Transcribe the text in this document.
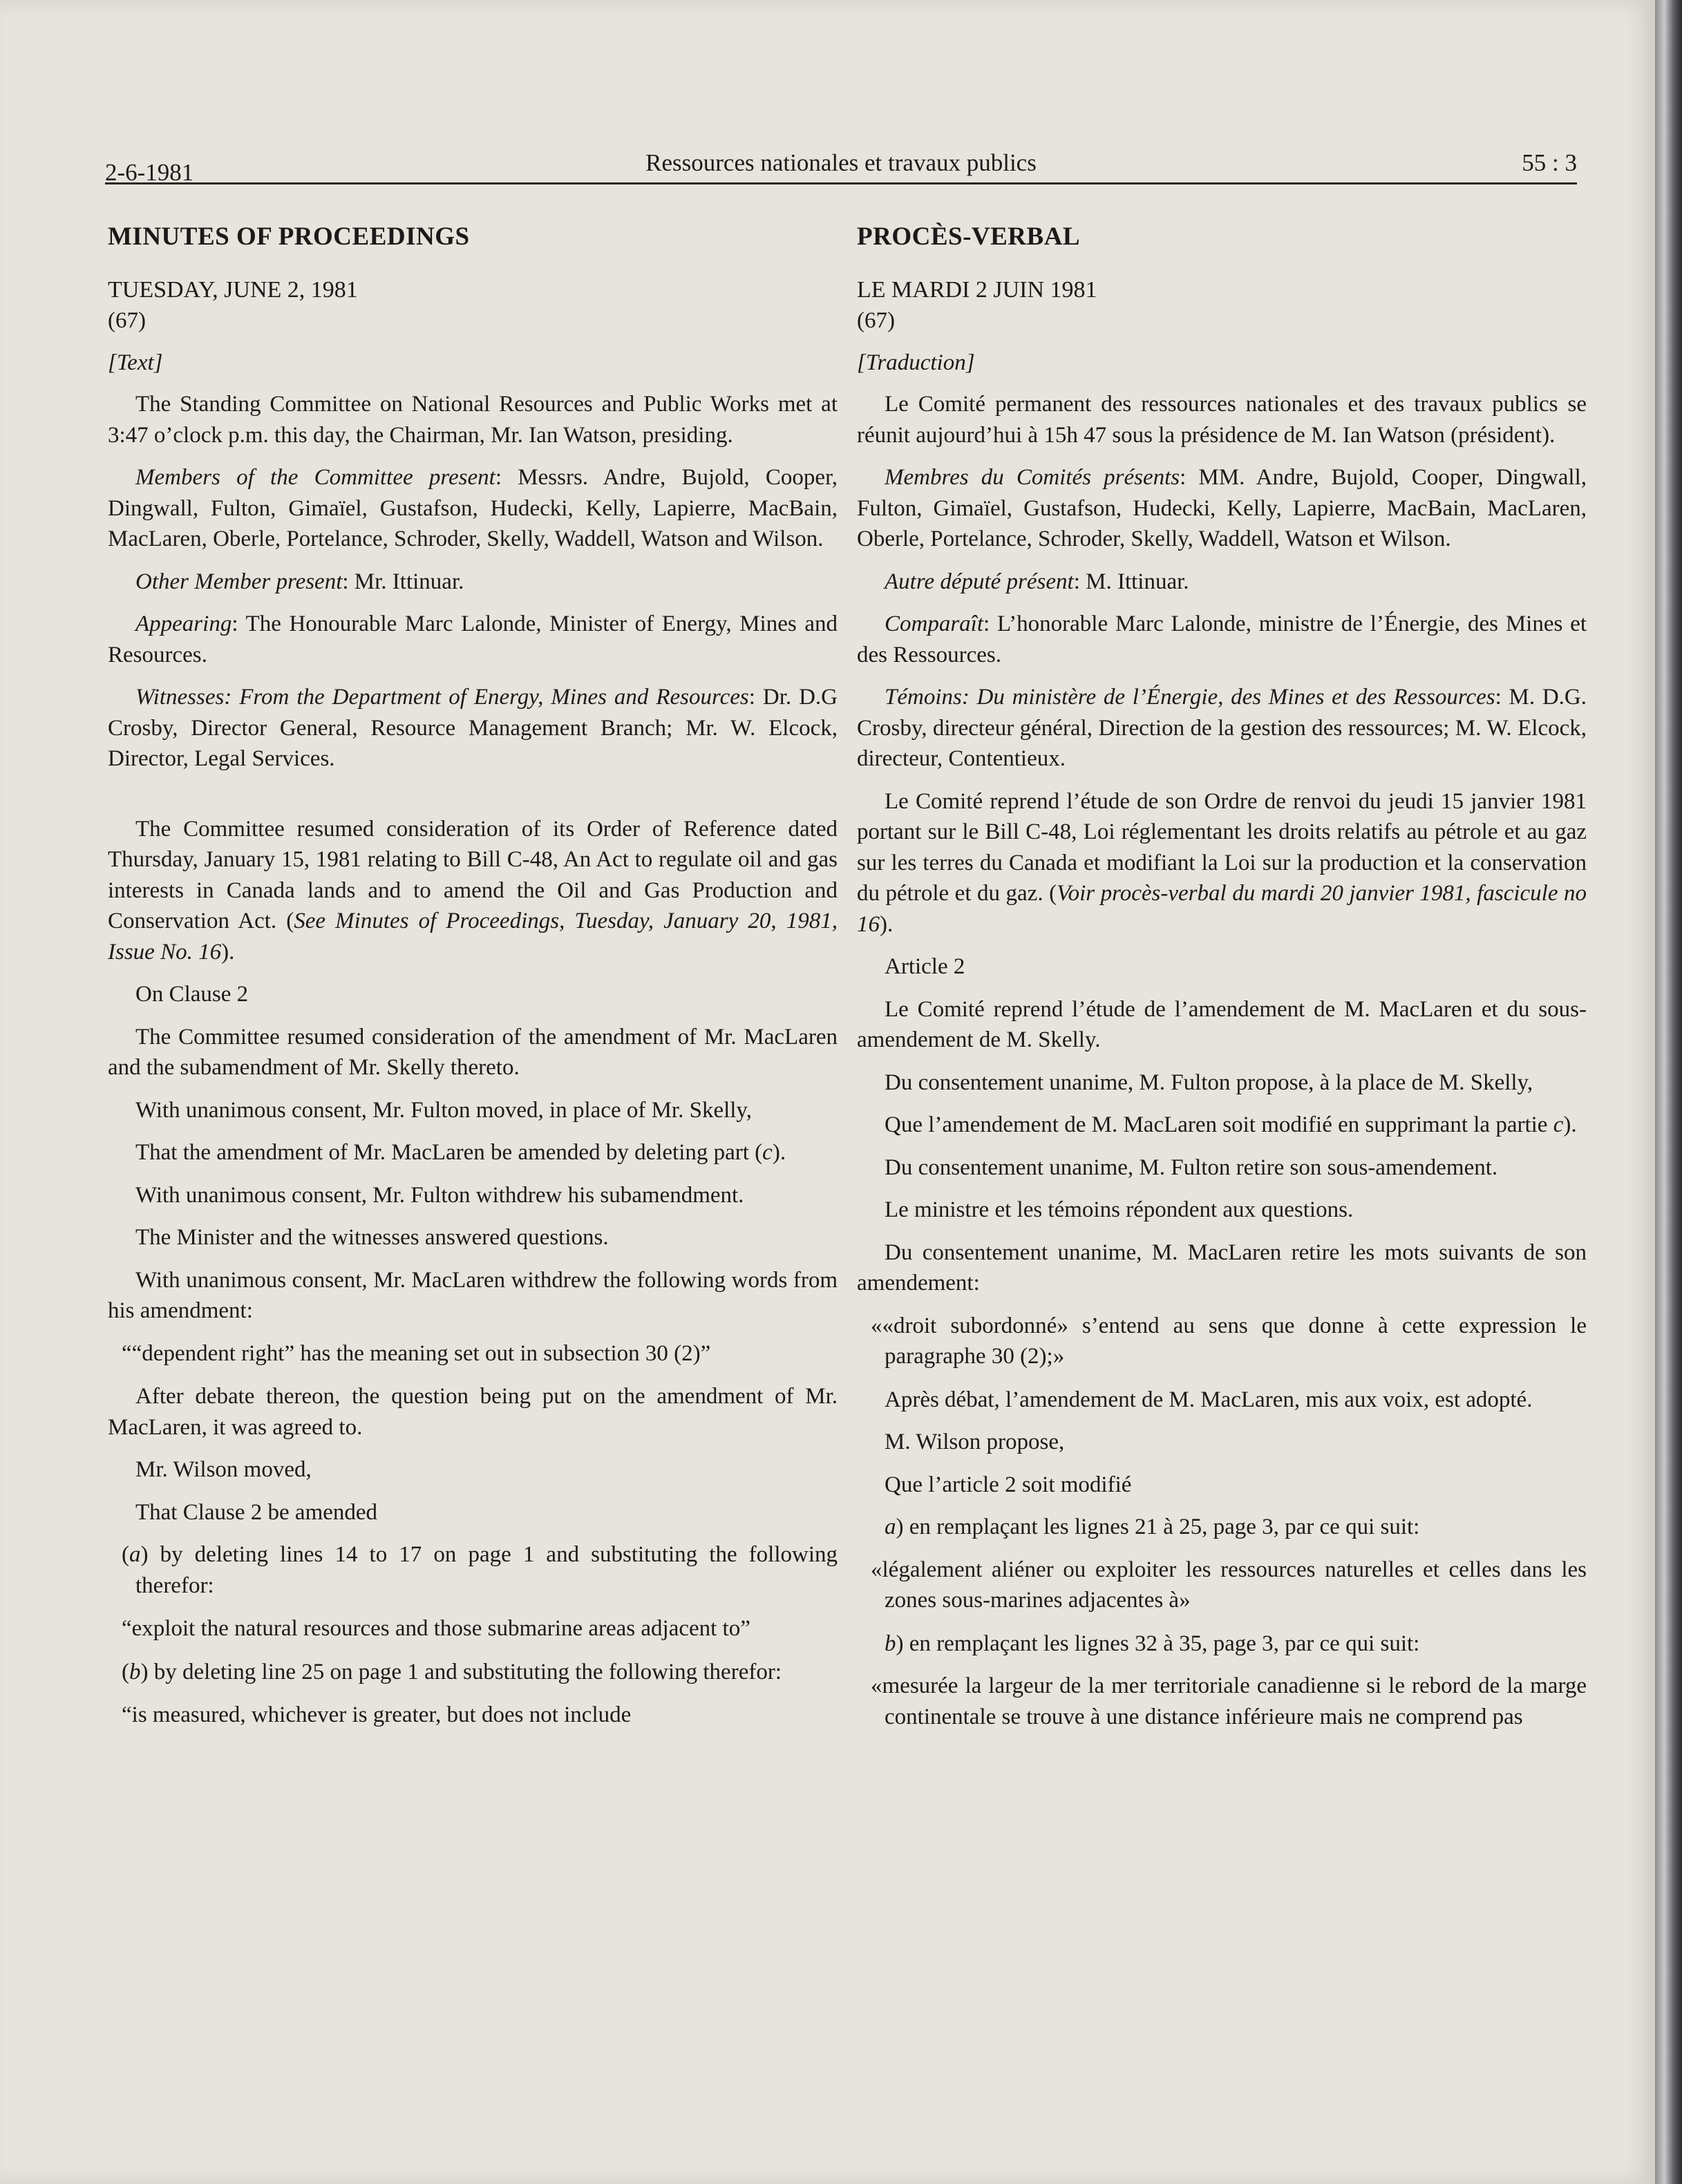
2-6-1981	Ressources nationales et travaux publics	55 : 3
MINUTES OF PROCEEDINGS

TUESDAY, JUNE 2, 1981

(67)

[Text]

The Standing Committee on National Resources and Public Works met at 3:47 o’clock p.m. this day, the Chairman, Mr. Ian Watson, presiding.

Members of the Committee present: Messrs. Andre, Bujold, Cooper, Dingwall, Fulton, Gimaïel, Gustafson, Hudecki, Kelly, Lapierre, MacBain, MacLaren, Oberle, Portelance, Schroder, Skelly, Waddell, Watson and Wilson.

Other Member present: Mr. Ittinuar.

Appearing: The Honourable Marc Lalonde, Minister of Energy, Mines and Resources.

Witnesses: From the Department of Energy, Mines and Resources: Dr. D.G Crosby, Director General, Resource Management Branch; Mr. W. Elcock, Director, Legal Services.

The Committee resumed consideration of its Order of Reference dated Thursday, January 15, 1981 relating to Bill C-48, An Act to regulate oil and gas interests in Canada lands and to amend the Oil and Gas Production and Conservation Act. (See Minutes of Proceedings, Tuesday, January 20, 1981, Issue No. 16).

On Clause 2

The Committee resumed consideration of the amendment of Mr. MacLaren and the subamendment of Mr. Skelly thereto.

With unanimous consent, Mr. Fulton moved, in place of Mr. Skelly,

That the amendment of Mr. MacLaren be amended by deleting part (c).

With unanimous consent, Mr. Fulton withdrew his subamendment.

The Minister and the witnesses answered questions.

With unanimous consent, Mr. MacLaren withdrew the following words from his amendment:

““dependent right” has the meaning set out in subsection 30 (2)”

After debate thereon, the question being put on the amendment of Mr. MacLaren, it was agreed to.

Mr. Wilson moved,

That Clause 2 be amended

(a) by deleting lines 14 to 17 on page 1 and substituting the following therefor:

“exploit the natural resources and those submarine areas adjacent to”

(b) by deleting line 25 on page 1 and substituting the following therefor:

“is measured, whichever is greater, but does not include

PROCÈS-VERBAL

LE MARDI 2 JUIN 1981

(67)

[Traduction]

Le Comité permanent des ressources nationales et des travaux publics se réunit aujourd’hui à 15h 47 sous la présidence de M. Ian Watson (président).

Membres du Comités présents: MM. Andre, Bujold, Cooper, Dingwall, Fulton, Gimaïel, Gustafson, Hudecki, Kelly, Lapierre, MacBain, MacLaren, Oberle, Portelance, Schroder, Skelly, Waddell, Watson et Wilson.

Autre député présent: M. Ittinuar.

Comparaît: L’honorable Marc Lalonde, ministre de l’Énergie, des Mines et des Ressources.

Témoins: Du ministère de l’Énergie, des Mines et des Ressources: M. D.G. Crosby, directeur général, Direction de la gestion des ressources; M. W. Elcock, directeur, Contentieux.

Le Comité reprend l’étude de son Ordre de renvoi du jeudi 15 janvier 1981 portant sur le Bill C-48, Loi réglementant les droits relatifs au pétrole et au gaz sur les terres du Canada et modifiant la Loi sur la production et la conservation du pétrole et du gaz. (Voir procès-verbal du mardi 20 janvier 1981, fascicule no 16).

Article 2

Le Comité reprend l’étude de l’amendement de M. MacLaren et du sous-amendement de M. Skelly.

Du consentement unanime, M. Fulton propose, à la place de M. Skelly,

Que l’amendement de M. MacLaren soit modifié en supprimant la partie c).

Du consentement unanime, M. Fulton retire son sous-amendement.

Le ministre et les témoins répondent aux questions.

Du consentement unanime, M. MacLaren retire les mots suivants de son amendement:

««droit subordonné» s’entend au sens que donne à cette expression le paragraphe 30 (2);»

Après débat, l’amendement de M. MacLaren, mis aux voix, est adopté.

M. Wilson propose,

Que l’article 2 soit modifié

a) en remplaçant les lignes 21 à 25, page 3, par ce qui suit:

«légalement aliéner ou exploiter les ressources naturelles et celles dans les zones sous-marines adjacentes à»

b) en remplaçant les lignes 32 à 35, page 3, par ce qui suit:

«mesurée la largeur de la mer territoriale canadienne si le rebord de la marge continentale se trouve à une distance inférieure mais ne comprend pas
